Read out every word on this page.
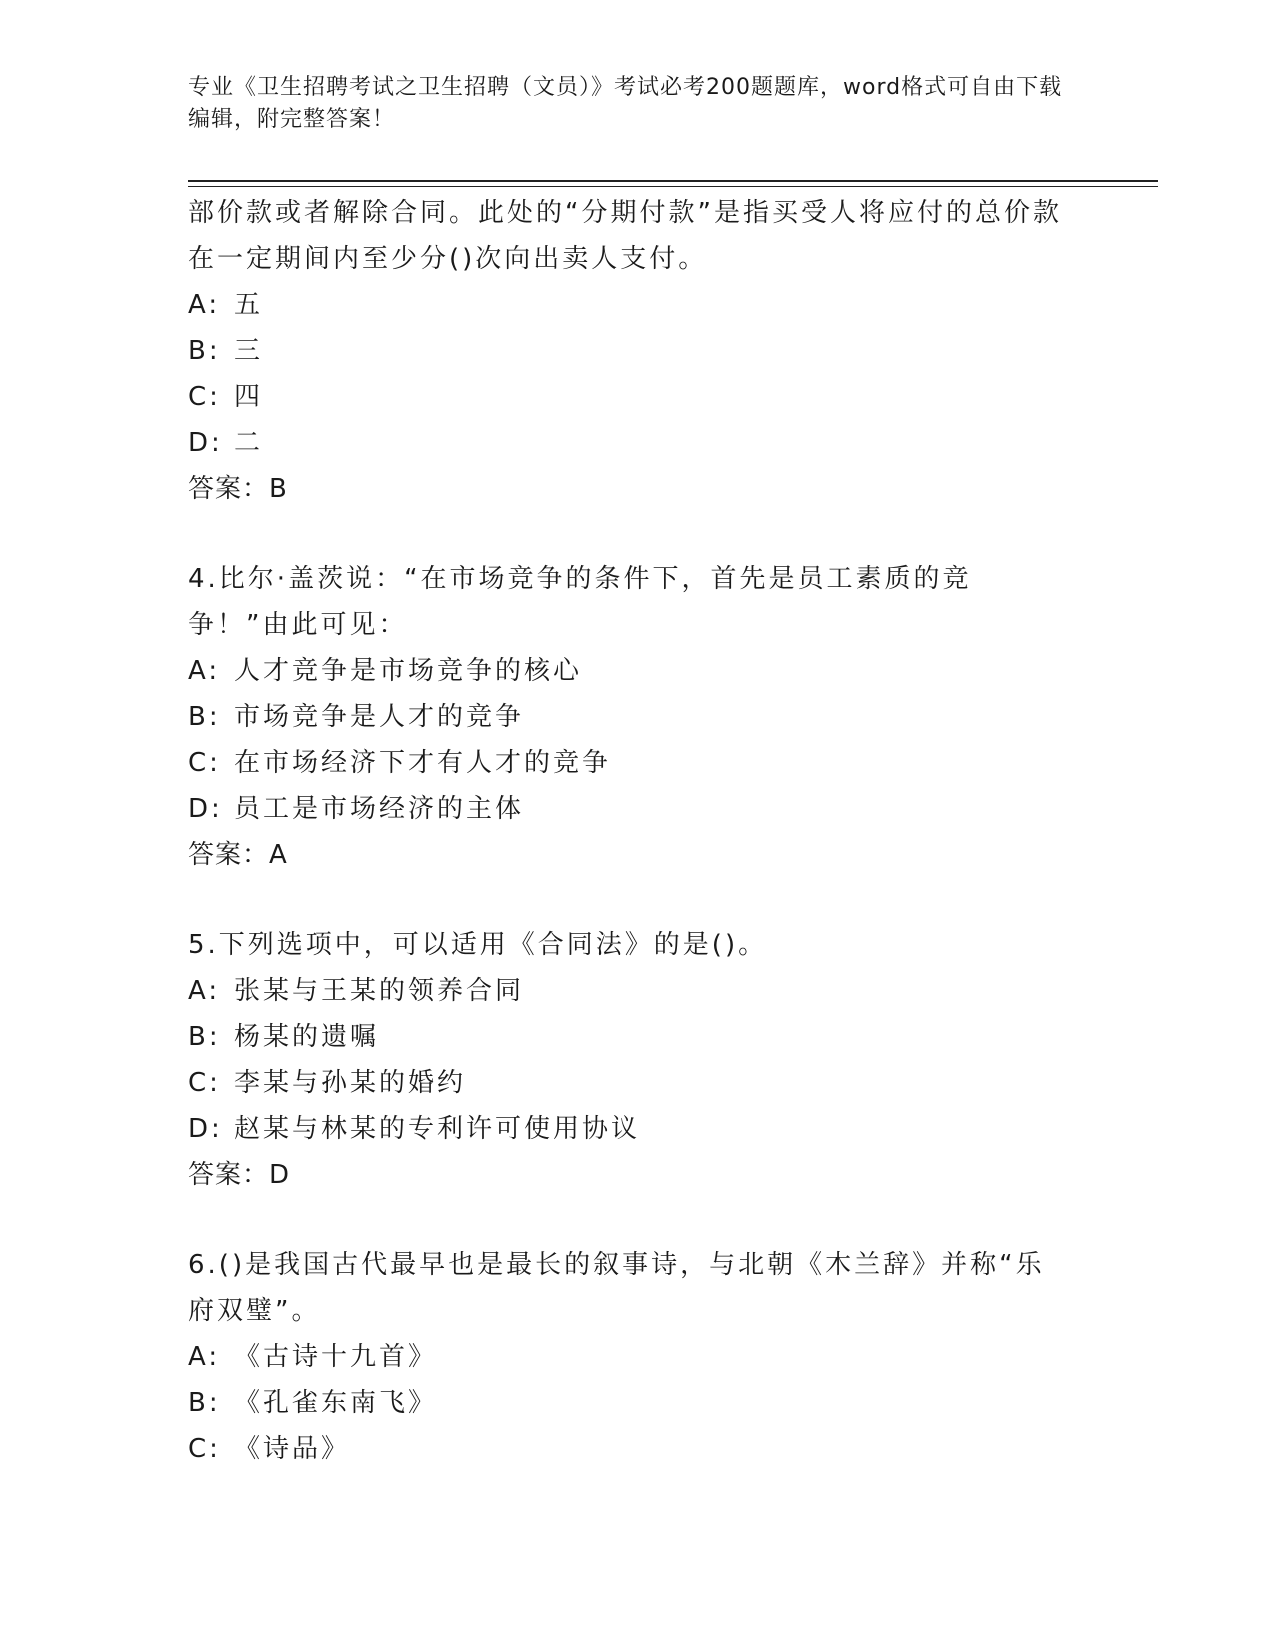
专业《卫生招聘考试之卫生招聘（文员）》考试必考200题题库，word格式可自由下载编辑，附完整答案！
部价款或者解除合同。此处的“分期付款”是指买受人将应付的总价款在一定期间内至少分()次向出卖人支付。
A: 五
B: 三
C: 四
D: 二
答案：B
4.比尔·盖茨说：“在市场竞争的条件下，首先是员工素质的竞争！”由此可见：
A: 人才竞争是市场竞争的核心
B: 市场竞争是人才的竞争
C: 在市场经济下才有人才的竞争
D: 员工是市场经济的主体
答案：A
5.下列选项中，可以适用《合同法》的是()。
A: 张某与王某的领养合同
B: 杨某的遗嘱
C: 李某与孙某的婚约
D: 赵某与林某的专利许可使用协议
答案：D
6.()是我国古代最早也是最长的叙事诗，与北朝《木兰辞》并称“乐府双璧”。
A: 《古诗十九首》
B: 《孔雀东南飞》
C: 《诗品》
